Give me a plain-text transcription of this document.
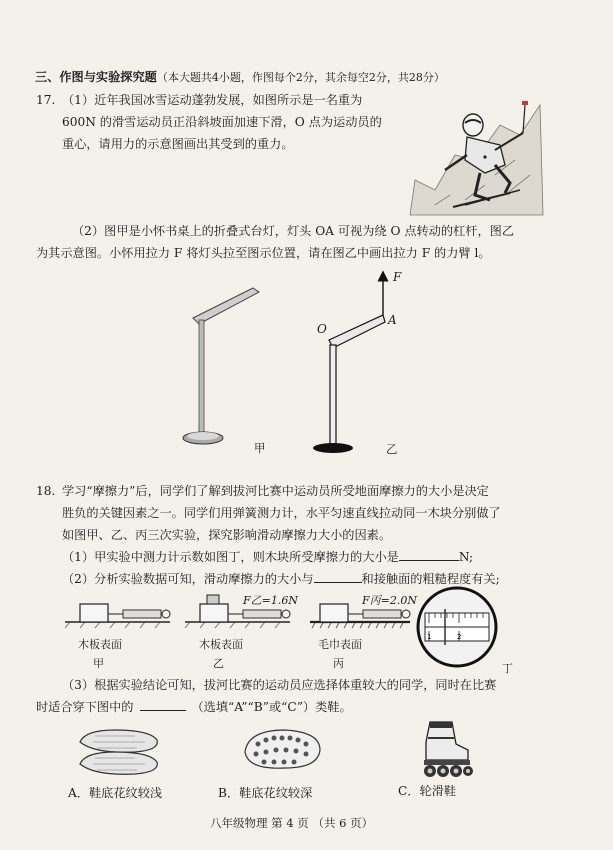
三、作图与实验探究题（本大题共4小题，作图每个2分，其余每空2分，共28分）
17. （1）近年我国冰雪运动蓬勃发展，如图所示是一名重为
600N 的滑雪运动员正沿斜坡面加速下滑，O 点为运动员的
重心，请用力的示意图画出其受到的重力。
（2）图甲是小怀书桌上的折叠式台灯，灯头 OA 可视为绕 O 点转动的杠杆，图乙
为其示意图。小怀用拉力 F 将灯头拉至图示位置，请在图乙中画出拉力 F 的力臂 l。
甲
F
O
A
乙
18. 学习“摩擦力”后，同学们了解到拔河比赛中运动员所受地面摩擦力的大小是决定
胜负的关键因素之一。同学们用弹簧测力计，水平匀速直线拉动同一木块分别做了
如图甲、乙、丙三次实验，探究影响滑动摩擦力大小的因素。
（1）甲实验中测力计示数如图丁，则木块所受摩擦力的大小是	N;
（2）分析实验数据可知，滑动摩擦力的大小与	和接触面的粗糙程度有关;
F乙=1.6N	F丙=2.0N
1	2
木板表面	木板表面	毛巾表面
甲	乙	丙	丁
（3）根据实验结论可知，拔河比赛的运动员应选择体重较大的同学，同时在比赛
时适合穿下图中的	（选填“A”“B”或“C”）类鞋。
A．鞋底花纹较浅	B．鞋底花纹较深	C．轮滑鞋
八年级物理 第 4 页 （共 6 页）
